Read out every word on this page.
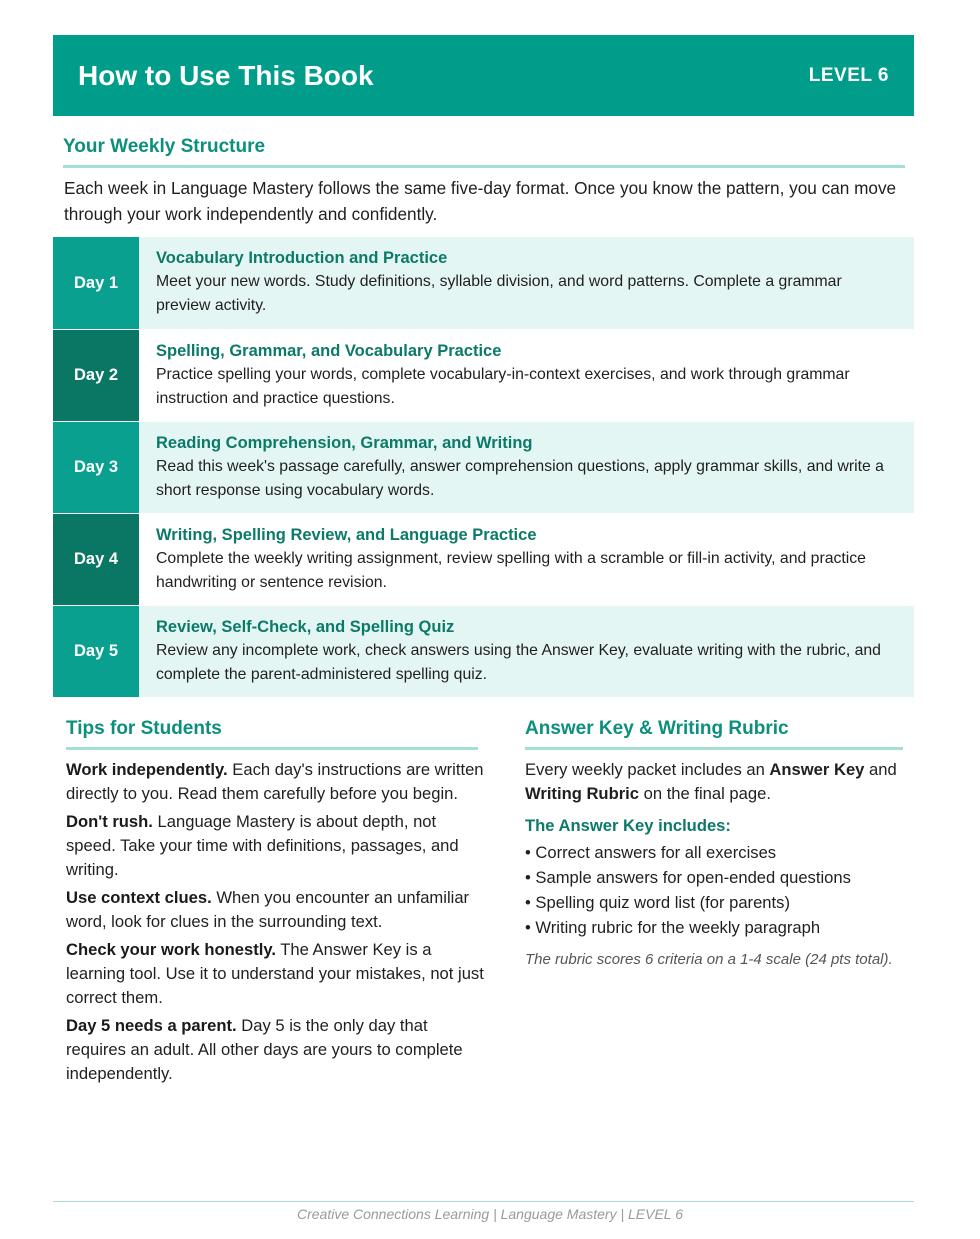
How to Use This Book	LEVEL 6
Your Weekly Structure
Each week in Language Mastery follows the same five-day format. Once you know the pattern, you can move through your work independently and confidently.
Day 1
Vocabulary Introduction and Practice
Meet your new words. Study definitions, syllable division, and word patterns. Complete a grammar preview activity.
Day 2
Spelling, Grammar, and Vocabulary Practice
Practice spelling your words, complete vocabulary-in-context exercises, and work through grammar instruction and practice questions.
Day 3
Reading Comprehension, Grammar, and Writing
Read this week's passage carefully, answer comprehension questions, apply grammar skills, and write a short response using vocabulary words.
Day 4
Writing, Spelling Review, and Language Practice
Complete the weekly writing assignment, review spelling with a scramble or fill-in activity, and practice handwriting or sentence revision.
Day 5
Review, Self-Check, and Spelling Quiz
Review any incomplete work, check answers using the Answer Key, evaluate writing with the rubric, and complete the parent-administered spelling quiz.
Tips for Students

Work independently. Each day's instructions are written directly to you. Read them carefully before you begin.

Don't rush. Language Mastery is about depth, not speed. Take your time with definitions, passages, and writing.

Use context clues. When you encounter an unfamiliar word, look for clues in the surrounding text.

Check your work honestly. The Answer Key is a learning tool. Use it to understand your mistakes, not just correct them.

Day 5 needs a parent. Day 5 is the only day that requires an adult. All other days are yours to complete independently.

Answer Key & Writing Rubric

Every weekly packet includes an Answer Key and Writing Rubric on the final page.

The Answer Key includes:

• Correct answers for all exercises
• Sample answers for open-ended questions
• Spelling quiz word list (for parents)
• Writing rubric for the weekly paragraph

The rubric scores 6 criteria on a 1-4 scale (24 pts total).

Creative Connections Learning | Language Mastery | LEVEL 6
